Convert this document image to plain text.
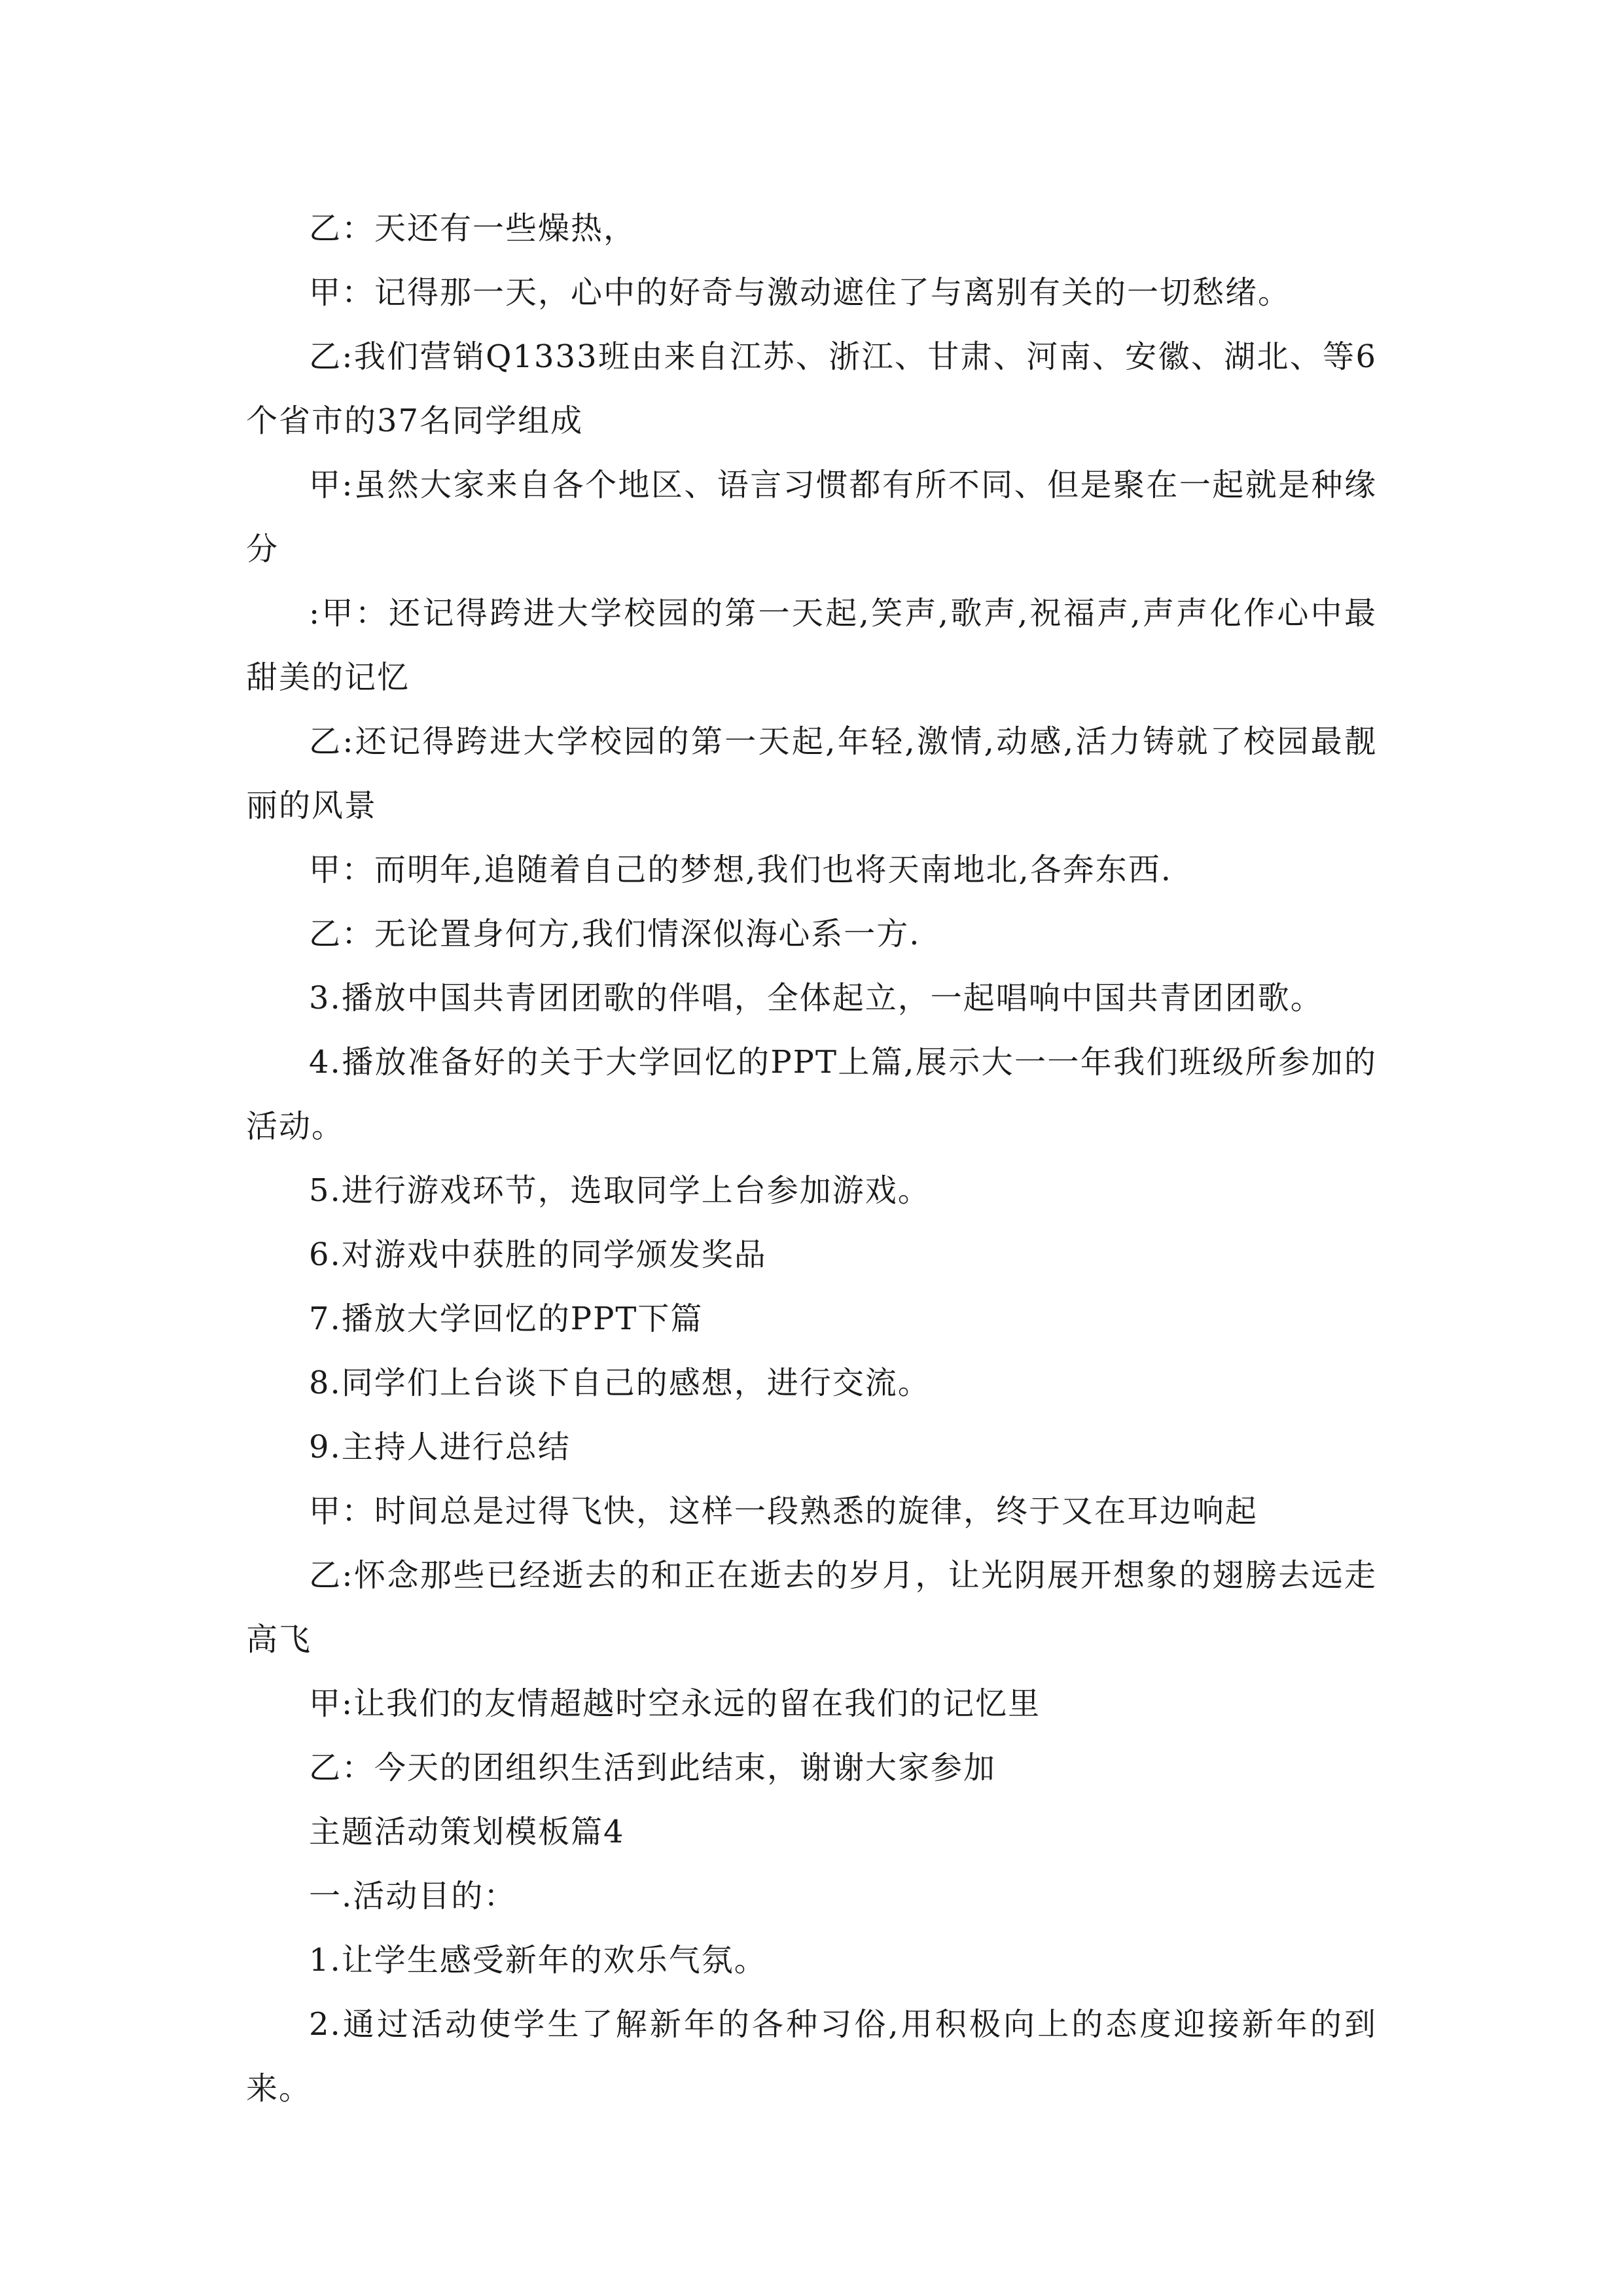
乙：天还有一些燥热，

甲：记得那一天，心中的好奇与激动遮住了与离别有关的一切愁绪。

乙:我们营销Q1333班由来自江苏、浙江、甘肃、河南、安徽、湖北、等6个省市的37名同学组成

甲:虽然大家来自各个地区、语言习惯都有所不同、但是聚在一起就是种缘分

:甲：还记得跨进大学校园的第一天起,笑声,歌声,祝福声,声声化作心中最甜美的记忆

乙:还记得跨进大学校园的第一天起,年轻,激情,动感,活力铸就了校园最靓丽的风景

甲：而明年,追随着自己的梦想,我们也将天南地北,各奔东西.

乙：无论置身何方,我们情深似海心系一方.

3.播放中国共青团团歌的伴唱，全体起立，一起唱响中国共青团团歌。

4.播放准备好的关于大学回忆的PPT上篇,展示大一一年我们班级所参加的活动。

5.进行游戏环节，选取同学上台参加游戏。

6.对游戏中获胜的同学颁发奖品

7.播放大学回忆的PPT下篇

8.同学们上台谈下自己的感想，进行交流。

9.主持人进行总结

甲：时间总是过得飞快，这样一段熟悉的旋律，终于又在耳边响起

乙:怀念那些已经逝去的和正在逝去的岁月，让光阴展开想象的翅膀去远走高飞

甲:让我们的友情超越时空永远的留在我们的记忆里

乙：今天的团组织生活到此结束，谢谢大家参加

主题活动策划模板篇4

一.活动目的：

1.让学生感受新年的欢乐气氛。

2.通过活动使学生了解新年的各种习俗,用积极向上的态度迎接新年的到来。
